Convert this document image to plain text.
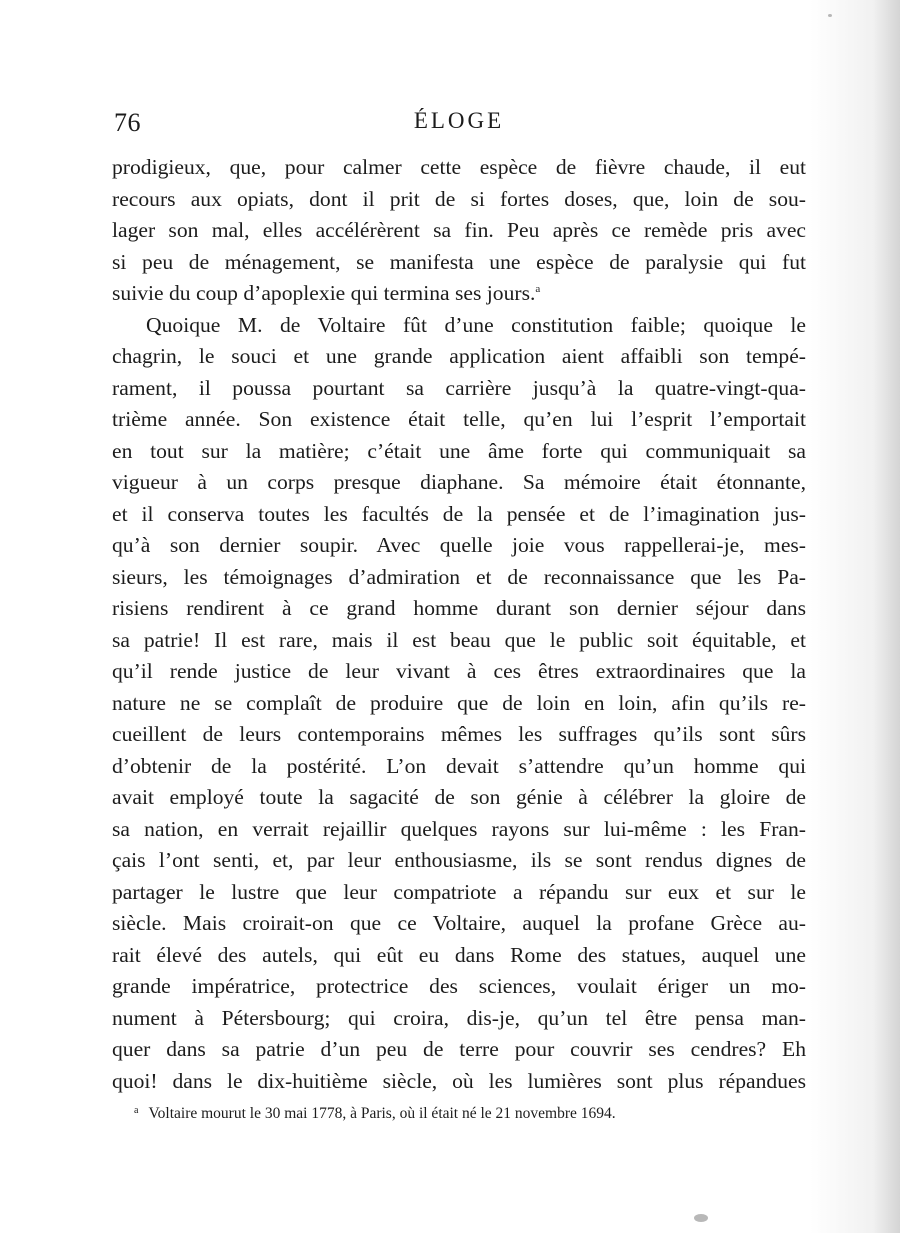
76	ÉLOGE
prodigieux, que, pour calmer cette espèce de fièvre chaude, il eut
recours aux opiats, dont il prit de si fortes doses, que, loin de sou-
lager son mal, elles accélérèrent sa fin. Peu après ce remède pris avec
si peu de ménagement, se manifesta une espèce de paralysie qui fut
suivie du coup d’apoplexie qui termina ses jours.$^a$
Quoique M. de Voltaire fût d’une constitution faible; quoique le
chagrin, le souci et une grande application aient affaibli son tempé-
rament, il poussa pourtant sa carrière jusqu’à la quatre-vingt-qua-
trième année. Son existence était telle, qu’en lui l’esprit l’emportait
en tout sur la matière; c’était une âme forte qui communiquait sa
vigueur à un corps presque diaphane. Sa mémoire était étonnante,
et il conserva toutes les facultés de la pensée et de l’imagination jus-
qu’à son dernier soupir. Avec quelle joie vous rappellerai-je, mes-
sieurs, les témoignages d’admiration et de reconnaissance que les Pa-
risiens rendirent à ce grand homme durant son dernier séjour dans
sa patrie! Il est rare, mais il est beau que le public soit équitable, et
qu’il rende justice de leur vivant à ces êtres extraordinaires que la
nature ne se complaît de produire que de loin en loin, afin qu’ils re-
cueillent de leurs contemporains mêmes les suffrages qu’ils sont sûrs
d’obtenir de la postérité. L’on devait s’attendre qu’un homme qui
avait employé toute la sagacité de son génie à célébrer la gloire de
sa nation, en verrait rejaillir quelques rayons sur lui-même : les Fran-
çais l’ont senti, et, par leur enthousiasme, ils se sont rendus dignes de
partager le lustre que leur compatriote a répandu sur eux et sur le
siècle. Mais croirait-on que ce Voltaire, auquel la profane Grèce au-
rait élevé des autels, qui eût eu dans Rome des statues, auquel une
grande impératrice, protectrice des sciences, voulait ériger un mo-
nument à Pétersbourg; qui croira, dis-je, qu’un tel être pensa man-
quer dans sa patrie d’un peu de terre pour couvrir ses cendres? Eh
quoi! dans le dix-huitième siècle, où les lumières sont plus répandues
$^a$ Voltaire mourut le 30 mai 1778, à Paris, où il était né le 21 novembre 1694.
